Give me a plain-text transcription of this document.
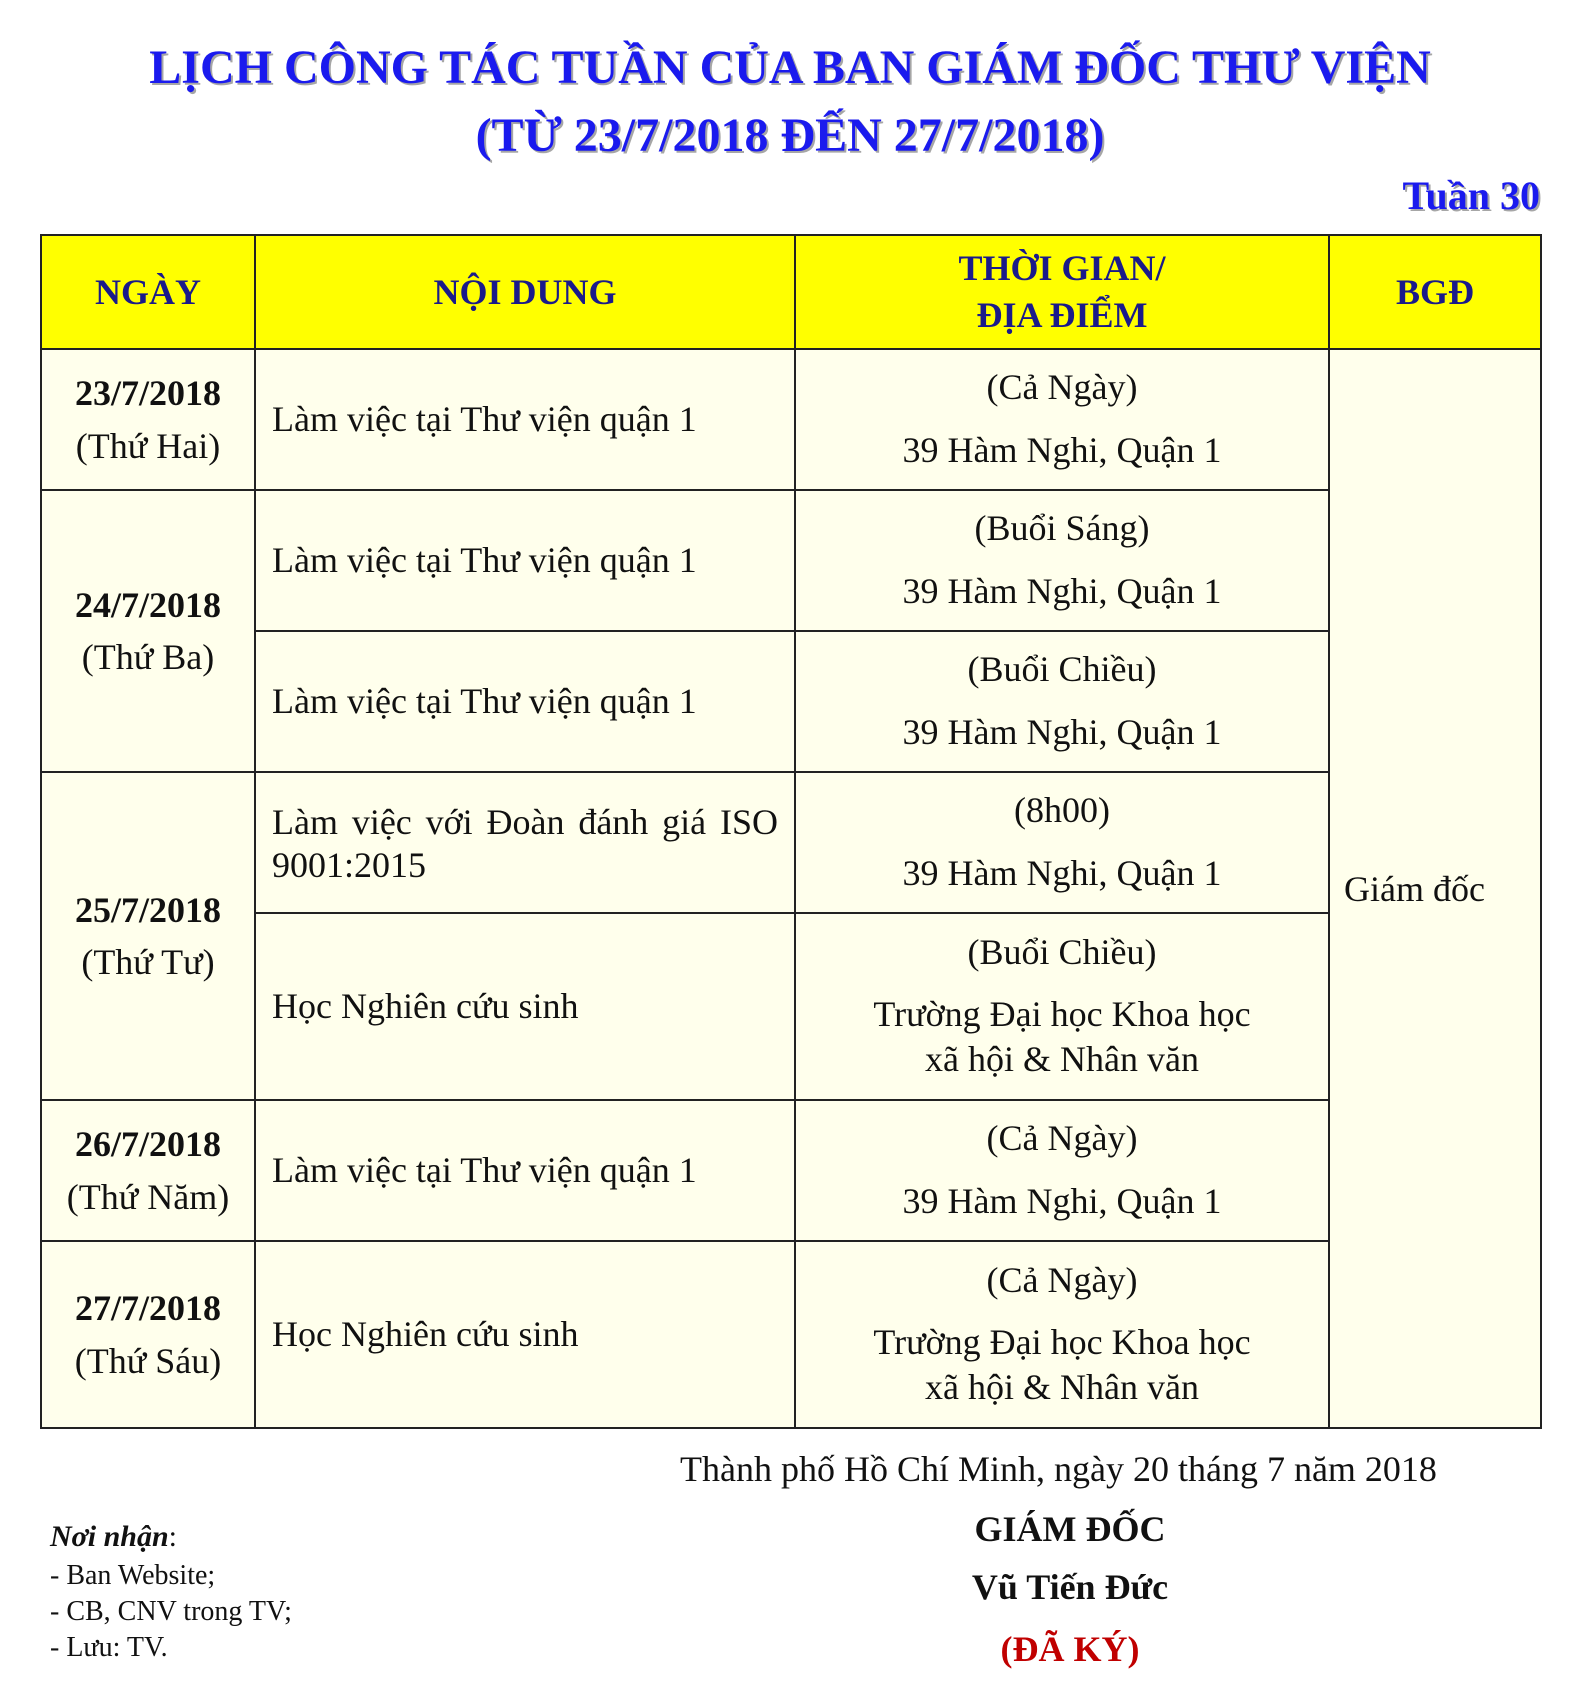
LỊCH CÔNG TÁC TUẦN CỦA BAN GIÁM ĐỐC THƯ VIỆN
(TỪ 23/7/2018 ĐẾN 27/7/2018)
Tuần 30
NGÀY	NỘI DUNG	THỜI GIAN/
ĐỊA ĐIỂM	BGĐ

23/7/2018
(Thứ Hai)	Làm việc tại Thư viện quận 1	(Cả Ngày)
39 Hàm Nghi, Quận 1	Giám đốc

24/7/2018
(Thứ Ba)	Làm việc tại Thư viện quận 1	(Buổi Sáng)
39 Hàm Nghi, Quận 1	

	Làm việc tại Thư viện quận 1	(Buổi Chiều)
39 Hàm Nghi, Quận 1	

25/7/2018
(Thứ Tư)	Làm việc với Đoàn đánh giá ISO 9001:2015	(8h00)
39 Hàm Nghi, Quận 1	

	Học Nghiên cứu sinh	(Buổi Chiều)
Trường Đại học Khoa học
xã hội & Nhân văn	

26/7/2018
(Thứ Năm)	Làm việc tại Thư viện quận 1	(Cả Ngày)
39 Hàm Nghi, Quận 1	

27/7/2018
(Thứ Sáu)	Học Nghiên cứu sinh	(Cả Ngày)
Trường Đại học Khoa học
xã hội & Nhân văn	
Thành phố Hồ Chí Minh, ngày 20 tháng 7 năm 2018
GIÁM ĐỐC
Vũ Tiến Đức
(ĐÃ KÝ)
Nơi nhận:
- Ban Website;
- CB, CNV trong TV;
- Lưu: TV.
